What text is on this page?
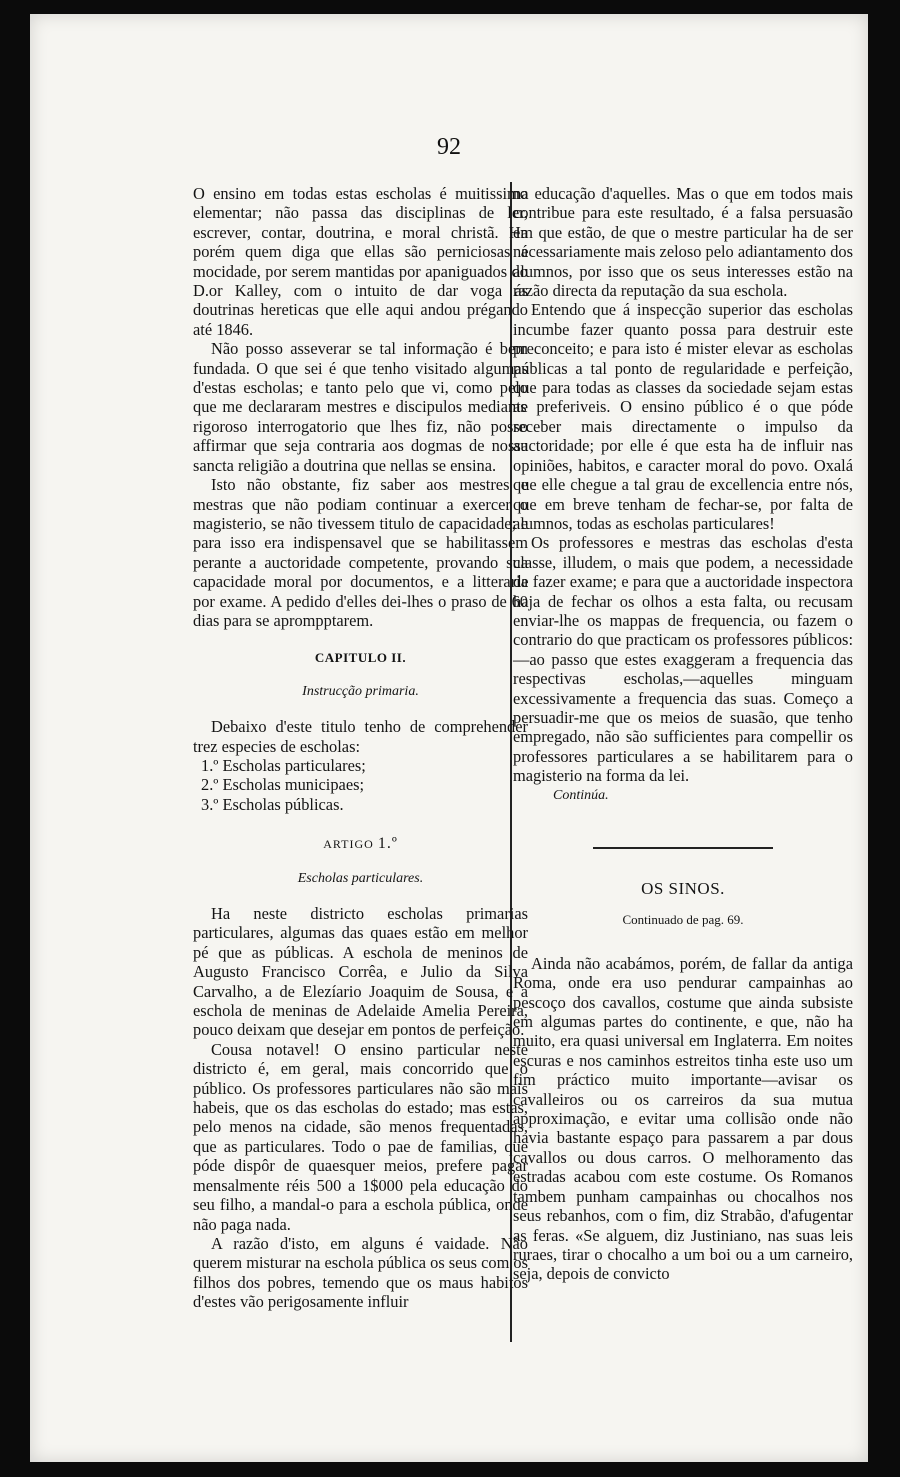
92

O ensino em todas estas escholas é muitissimo elementar; não passa das disciplinas de ler, escrever, contar, doutrina, e moral christã. Ha porém quem diga que ellas são perniciosas á mocidade, por serem mantidas por apaniguados do D.or Kalley, com o intuito de dar voga ás doutrinas hereticas que elle aqui andou prégando até 1846.

Não posso asseverar se tal informação é bem fundada. O que sei é que tenho visitado algumas d'estas escholas; e tanto pelo que vi, como pelo que me declararam mestres e discipulos mediante rigoroso interrogatorio que lhes fiz, não posso affirmar que seja contraria aos dogmas de nossa sancta religião a doutrina que nellas se ensina.

Isto não obstante, fiz saber aos mestres e mestras que não podiam continuar a exercer o magisterio, se não tivessem titulo de capacidade; e para isso era indispensavel que se habilitassem perante a auctoridade competente, provando sua capacidade moral por documentos, e a litteraria por exame. A pedido d'elles dei-lhes o praso de 60 dias para se aprompptarem.

CAPITULO II.

Instrucção primaria.

Debaixo d'este titulo tenho de comprehender trez especies de escholas:

1.º Escholas particulares;
2.º Escholas municipaes;
3.º Escholas públicas.

ARTIGO 1.º

Escholas particulares.

Ha neste districto escholas primarias particulares, algumas das quaes estão em melhor pé que as públicas. A eschola de meninos de Augusto Francisco Corrêa, e Julio da Silva Carvalho, a de Elezíario Joaquim de Sousa, e a eschola de meninas de Adelaide Amelia Pereira, pouco deixam que desejar em pontos de perfeição.

Cousa notavel! O ensino particular neste districto é, em geral, mais concorrido que o público. Os professores particulares não são mais habeis, que os das escholas do estado; mas estas, pelo menos na cidade, são menos frequentadas, que as particulares. Todo o pae de familias, que póde dispôr de quaesquer meios, prefere pagar mensalmente réis 500 a 1$000 pela educação do seu filho, a mandal-o para a eschola pública, onde não paga nada.

A razão d'isto, em alguns é vaidade. Não querem misturar na eschola pública os seus com os filhos dos pobres, temendo que os maus habitos d'estes vão perigosamente influir

na educação d'aquelles. Mas o que em todos mais contribue para este resultado, é a falsa persuasão em que estão, de que o mestre particular ha de ser necessariamente mais zeloso pelo adiantamento dos alumnos, por isso que os seus interesses estão na razão directa da reputação da sua eschola.

Entendo que á inspecção superior das escholas incumbe fazer quanto possa para destruir este preconceito; e para isto é mister elevar as escholas públicas a tal ponto de regularidade e perfeição, que para todas as classes da sociedade sejam estas as preferiveis. O ensino público é o que póde receber mais directamente o impulso da auctoridade; por elle é que esta ha de influir nas opiniões, habitos, e caracter moral do povo. Oxalá que elle chegue a tal grau de excellencia entre nós, que em breve tenham de fechar-se, por falta de alumnos, todas as escholas particulares!

Os professores e mestras das escholas d'esta classe, illudem, o mais que podem, a necessidade de fazer exame; e para que a auctoridade inspectora haja de fechar os olhos a esta falta, ou recusam enviar-lhe os mappas de frequencia, ou fazem o contrario do que practicam os professores públicos:—ao passo que estes exaggeram a frequencia das respectivas escholas,—aquelles minguam excessivamente a frequencia das suas. Começo a persuadir-me que os meios de suasão, que tenho empregado, não são sufficientes para compellir os professores particulares a se habilitarem para o magisterio na forma da lei.

Continúa.

OS SINOS.

Continuado de pag. 69.

Ainda não acabámos, porém, de fallar da antiga Roma, onde era uso pendurar campainhas ao pescoço dos cavallos, costume que ainda subsiste em algumas partes do continente, e que, não ha muito, era quasi universal em Inglaterra. Em noites escuras e nos caminhos estreitos tinha este uso um fim práctico muito importante—avisar os cavalleiros ou os carreiros da sua mutua approximação, e evitar uma collisão onde não havia bastante espaço para passarem a par dous cavallos ou dous carros. O melhoramento das estradas acabou com este costume. Os Romanos tambem punham campainhas ou chocalhos nos seus rebanhos, com o fim, diz Strabão, d'afugentar as feras. «Se alguem, diz Justiniano, nas suas leis ruraes, tirar o chocalho a um boi ou a um carneiro, seja, depois de convicto
